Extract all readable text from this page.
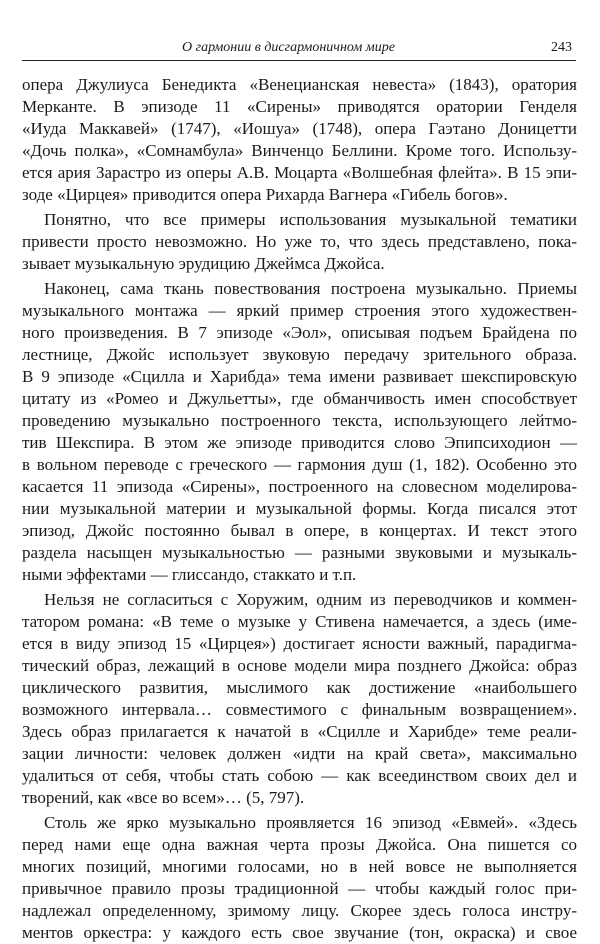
О гармонии в дисгармоничном мире	243
опера Джулиуса Бенедикта «Венецианская невеста» (1843), оратория
Мерканте. В эпизоде 11 «Сирены» приводятся оратории Генделя
«Иуда Маккавей» (1747), «Иошуа» (1748), опера Гаэтано Доницетти
«Дочь полка», «Сомнамбула» Винченцо Беллини. Кроме того. Использу-
ется ария Зарастро из оперы А.В. Моцарта «Волшебная флейта». В 15 эпи-
зоде «Цирцея» приводится опера Рихарда Вагнера «Гибель богов».
Понятно, что все примеры использования музыкальной тематики
привести просто невозможно. Но уже то, что здесь представлено, пока-
зывает музыкальную эрудицию Джеймса Джойса.
Наконец, сама ткань повествования построена музыкально. Приемы
музыкального монтажа — яркий пример строения этого художествен-
ного произведения. В 7 эпизоде «Эол», описывая подъем Брайдена по
лестнице, Джойс использует звуковую передачу зрительного образа.
В 9 эпизоде «Сцилла и Харибда» тема имени развивает шекспировскую
цитату из «Ромео и Джульетты», где обманчивость имен способствует
проведению музыкально построенного текста, использующего лейтмо-
тив Шекспира. В этом же эпизоде приводится слово Эпипсиходион —
в вольном переводе с греческого — гармония душ (1, 182). Особенно это
касается 11 эпизода «Сирены», построенного на словесном моделирова-
нии музыкальной материи и музыкальной формы. Когда писался этот
эпизод, Джойс постоянно бывал в опере, в концертах. И текст этого
раздела насыщен музыкальностью — разными звуковыми и музыкаль-
ными эффектами — глиссандо, стаккато и т.п.
Нельзя не согласиться с Хоружим, одним из переводчиков и коммен-
татором романа: «В теме о музыке у Стивена намечается, а здесь (име-
ется в виду эпизод 15 «Цирцея») достигает ясности важный, парадигма-
тический образ, лежащий в основе модели мира позднего Джойса: образ
циклического развития, мыслимого как достижение «наибольшего
возможного интервала… совместимого с финальным возвращением».
Здесь образ прилагается к начатой в «Сцилле и Харибде» теме реали-
зации личности: человек должен «идти на край света», максимально
удалиться от себя, чтобы стать собою — как всеединством своих дел и
творений, как «все во всем»… (5, 797).
Столь же ярко музыкально проявляется 16 эпизод «Евмей». «Здесь
перед нами еще одна важная черта прозы Джойса. Она пишется со
многих позиций, многими голосами, но в ней вовсе не выполняется
привычное правило прозы традиционной — чтобы каждый голос при-
надлежал определенному, зримому лицу. Скорее здесь голоса инстру-
ментов оркестра: у каждого есть свое звучание (тон, окраска) и свое
